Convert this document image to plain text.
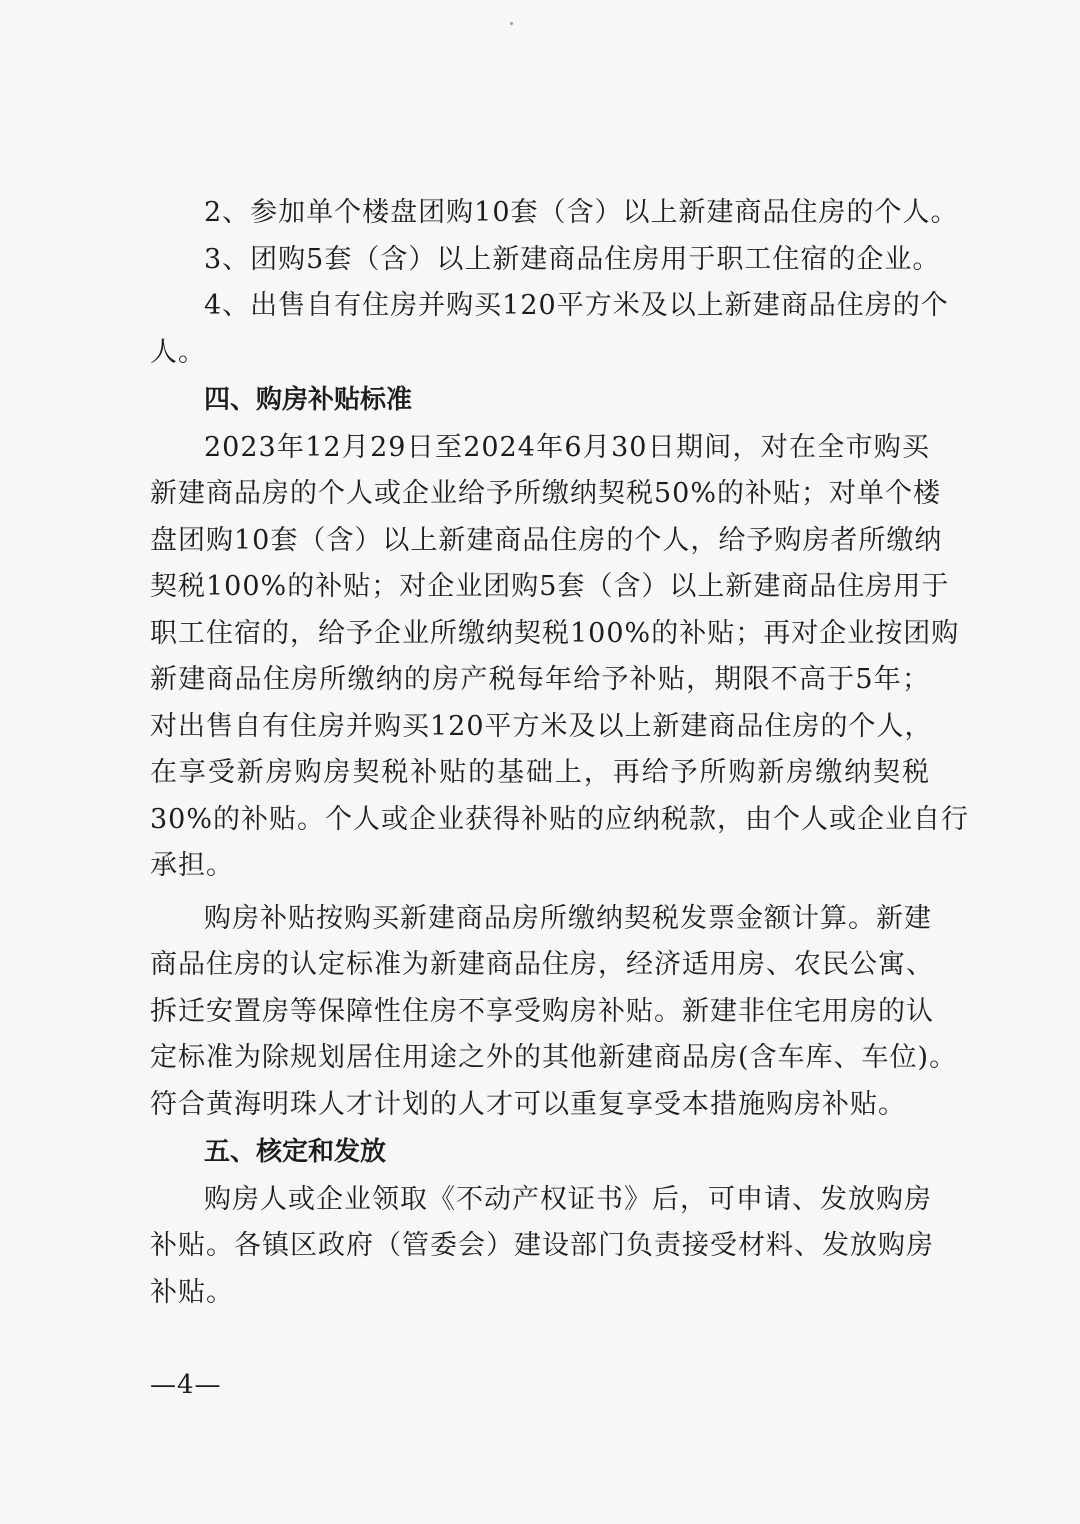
2、参加单个楼盘团购10套（含）以上新建商品住房的个人。
3、团购5套（含）以上新建商品住房用于职工住宿的企业。
4、出售自有住房并购买120平方米及以上新建商品住房的个
人。
四、购房补贴标准
2023年12月29日至2024年6月30日期间，对在全市购买
新建商品房的个人或企业给予所缴纳契税50%的补贴；对单个楼
盘团购10套（含）以上新建商品住房的个人，给予购房者所缴纳
契税100%的补贴；对企业团购5套（含）以上新建商品住房用于
职工住宿的，给予企业所缴纳契税100%的补贴；再对企业按团购
新建商品住房所缴纳的房产税每年给予补贴，期限不高于5年；
对出售自有住房并购买120平方米及以上新建商品住房的个人，
在享受新房购房契税补贴的基础上，再给予所购新房缴纳契税
30%的补贴。个人或企业获得补贴的应纳税款，由个人或企业自行
承担。
购房补贴按购买新建商品房所缴纳契税发票金额计算。新建
商品住房的认定标准为新建商品住房，经济适用房、农民公寓、
拆迁安置房等保障性住房不享受购房补贴。新建非住宅用房的认
定标准为除规划居住用途之外的其他新建商品房(含车库、车位)。
符合黄海明珠人才计划的人才可以重复享受本措施购房补贴。
五、核定和发放
购房人或企业领取《不动产权证书》后，可申请、发放购房
补贴。各镇区政府（管委会）建设部门负责接受材料、发放购房
补贴。
—4—
